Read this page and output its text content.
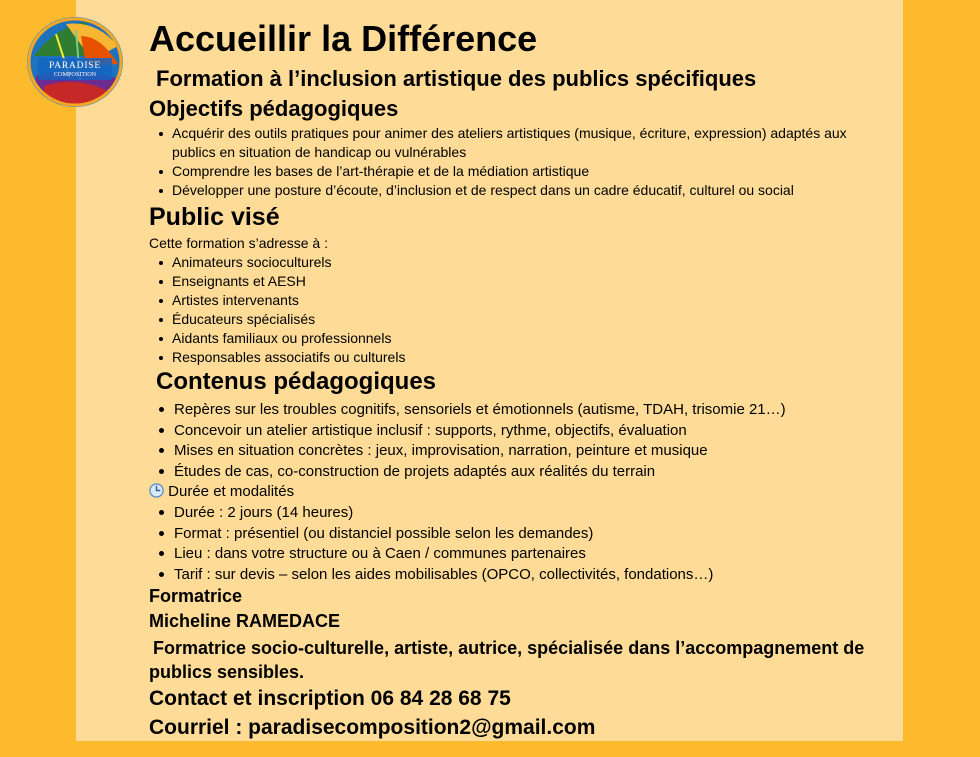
PARADISE
COMPOSITION
Accueillir la Différence
Formation à l’inclusion artistique des publics spécifiques
Objectifs pédagogiques
Acquérir des outils pratiques pour animer des ateliers artistiques (musique, écriture, expression) adaptés aux publics en situation de handicap ou vulnérables
Comprendre les bases de l’art-thérapie et de la médiation artistique
Développer une posture d’écoute, d’inclusion et de respect dans un cadre éducatif, culturel ou social
Public visé
Cette formation s’adresse à :
Animateurs socioculturels
Enseignants et AESH
Artistes intervenants
Éducateurs spécialisés
Aidants familiaux ou professionnels
Responsables associatifs ou culturels
Contenus pédagogiques
Repères sur les troubles cognitifs, sensoriels et émotionnels (autisme, TDAH, trisomie 21…)
Concevoir un atelier artistique inclusif : supports, rythme, objectifs, évaluation
Mises en situation concrètes : jeux, improvisation, narration, peinture et musique
Études de cas, co-construction de projets adaptés aux réalités du terrain
Durée et modalités
Durée : 2 jours (14 heures)
Format : présentiel (ou distanciel possible selon les demandes)
Lieu : dans votre structure ou à Caen / communes partenaires
Tarif : sur devis – selon les aides mobilisables (OPCO, collectivités, fondations…)
Formatrice
Micheline RAMEDACE
Formatrice socio-culturelle, artiste, autrice, spécialisée dans l’accompagnement de publics sensibles.
Contact et inscription 06 84 28 68 75
Courriel : paradisecomposition2@gmail.com
